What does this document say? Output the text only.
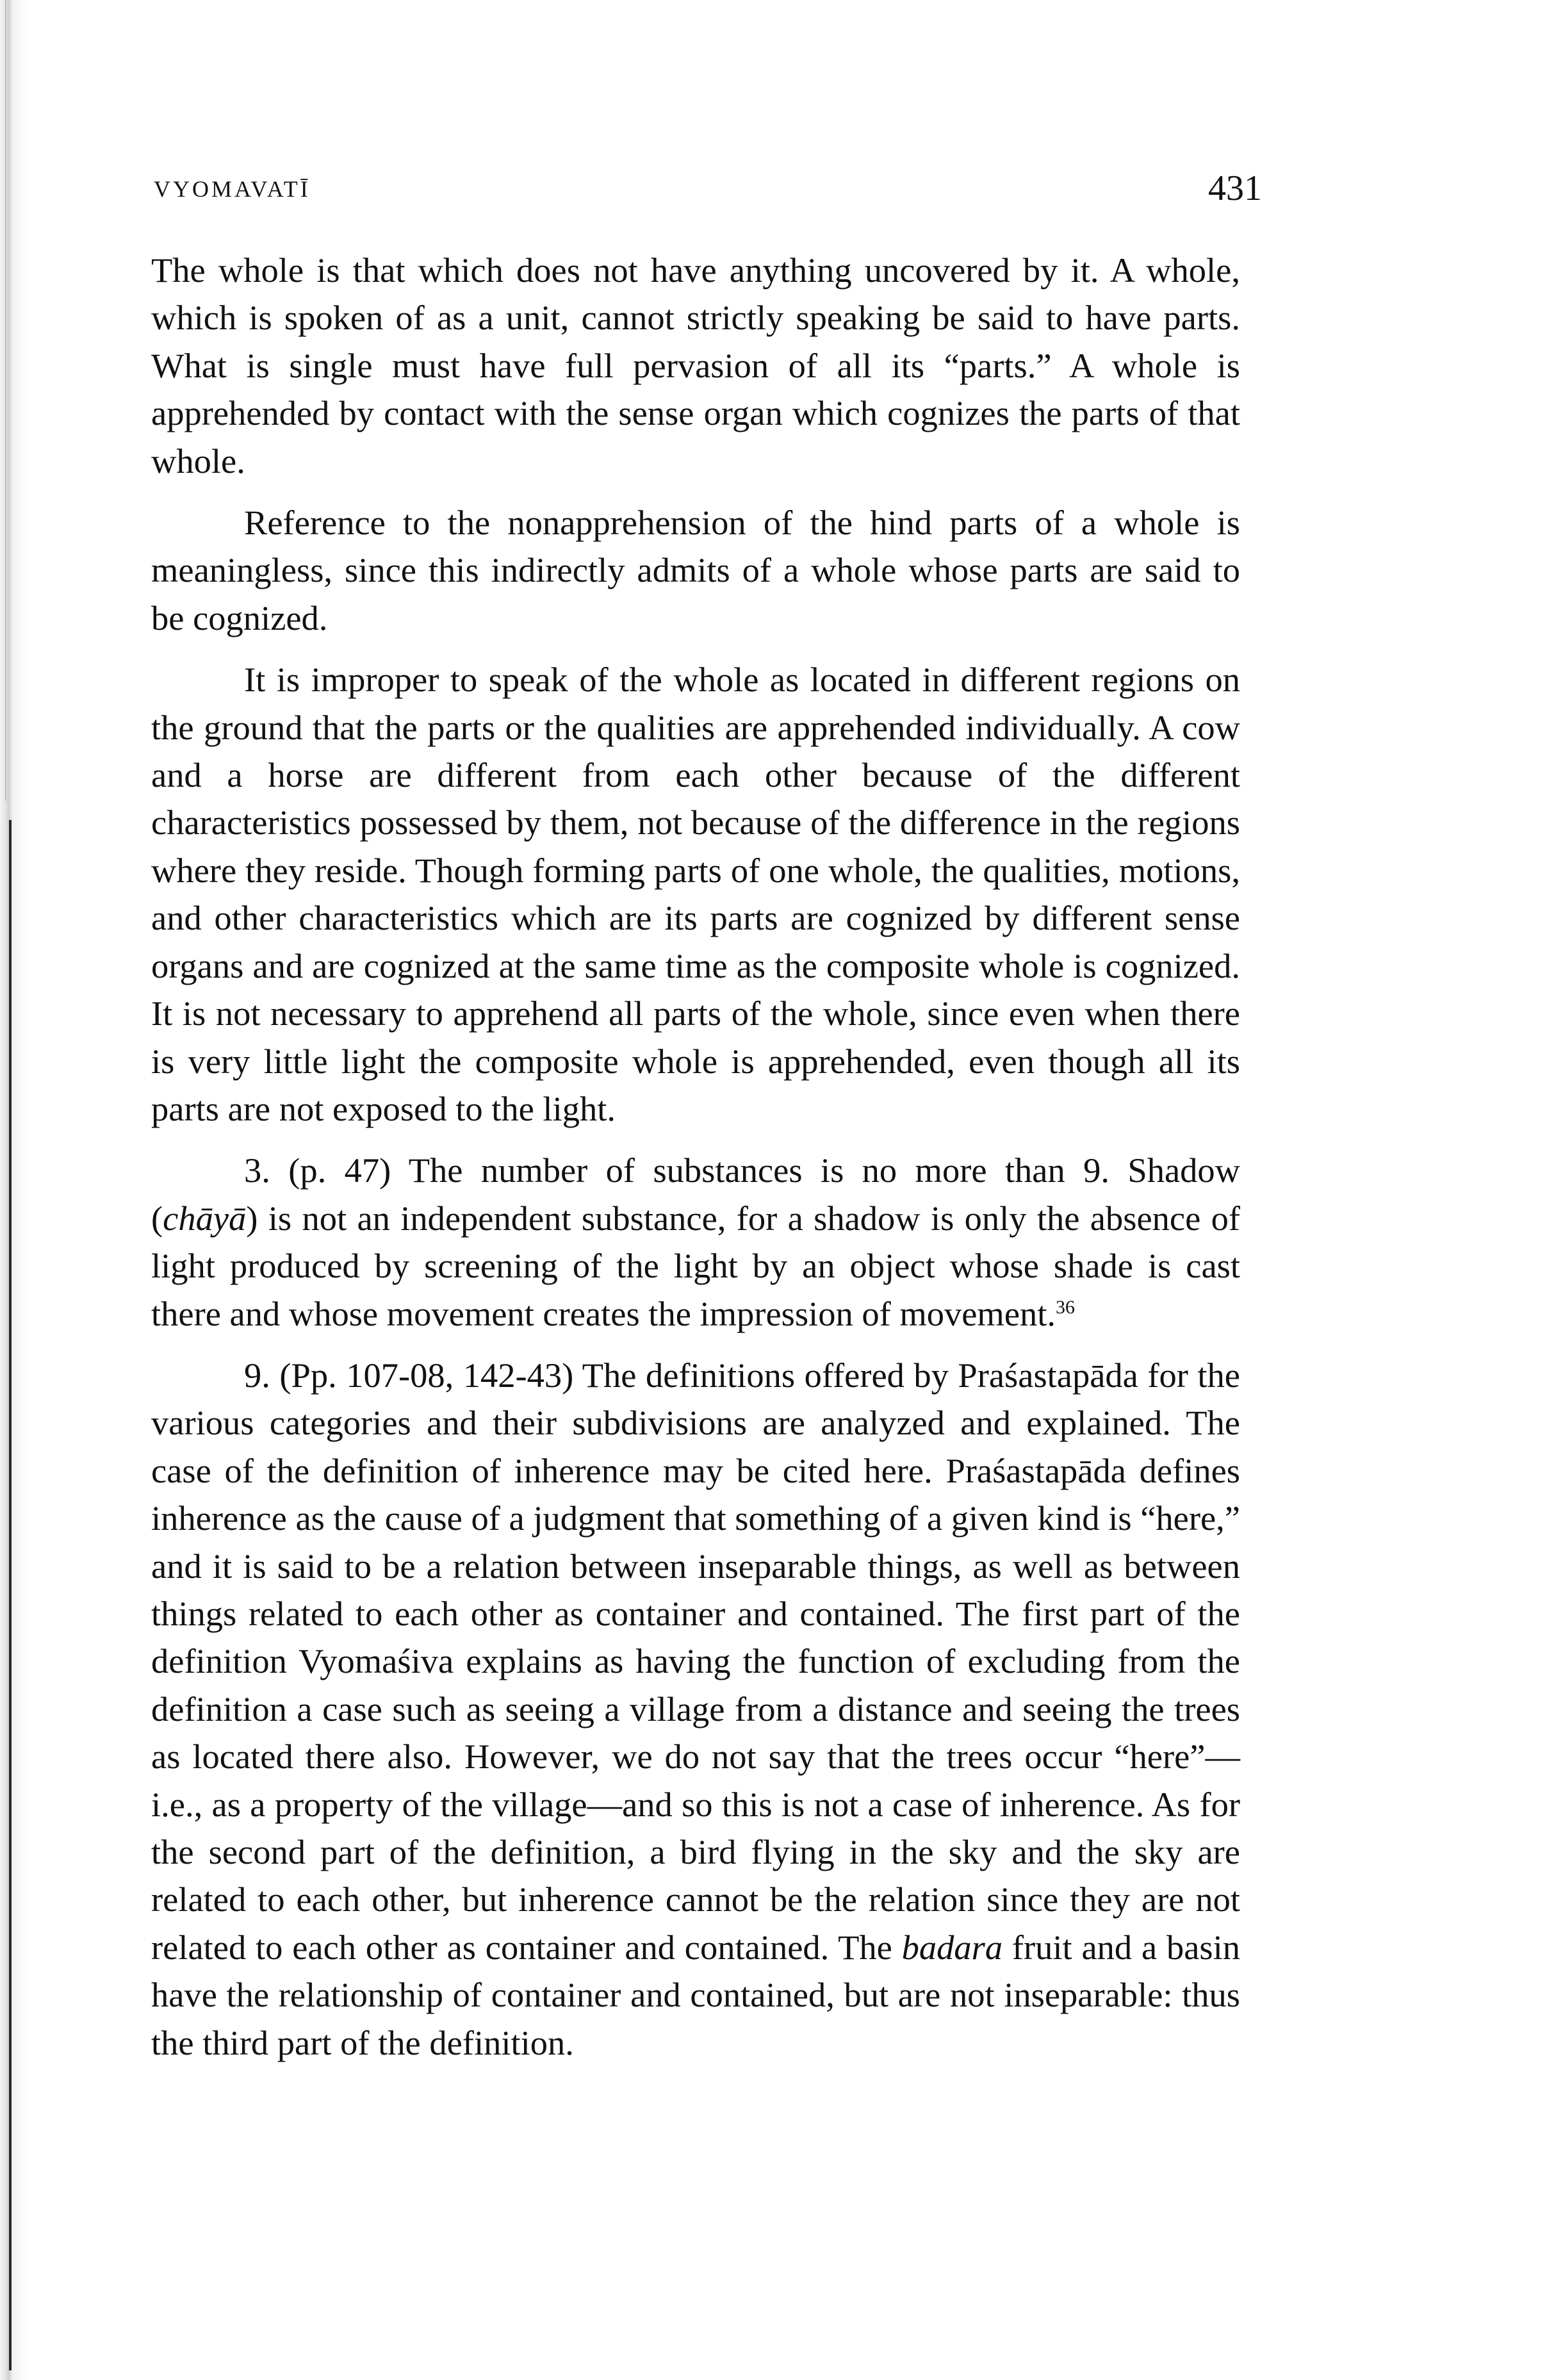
VYOMAVATĪ	431

The whole is that which does not have anything uncovered by it. A whole, which is spoken of as a unit, cannot strictly speaking be said to have parts. What is single must have full pervasion of all its “parts.” A whole is apprehended by contact with the sense organ which cognizes the parts of that whole.

Reference to the nonapprehension of the hind parts of a whole is meaningless, since this indirectly admits of a whole whose parts are said to be cognized.

It is improper to speak of the whole as located in different regions on the ground that the parts or the qualities are apprehended individually. A cow and a horse are different from each other because of the different characteristics possessed by them, not because of the difference in the regions where they reside. Though forming parts of one whole, the qualities, motions, and other characteristics which are its parts are cognized by different sense organs and are cognized at the same time as the composite whole is cognized. It is not necessary to apprehend all parts of the whole, since even when there is very little light the composite whole is apprehended, even though all its parts are not exposed to the light.

3. (p. 47) The number of substances is no more than 9. Shadow (chāyā) is not an independent substance, for a shadow is only the absence of light produced by screening of the light by an object whose shade is cast there and whose movement creates the impression of movement.$^{36}$

9. (Pp. 107-08, 142-43) The definitions offered by Praśastapāda for the various categories and their subdivisions are analyzed and explained. The case of the definition of inherence may be cited here. Praśastapāda defines inherence as the cause of a judgment that something of a given kind is “here,” and it is said to be a relation between inseparable things, as well as between things related to each other as container and contained. The first part of the definition Vyomaśiva explains as having the function of excluding from the definition a case such as seeing a village from a distance and seeing the trees as located there also. However, we do not say that the trees occur “here”—i.e., as a property of the village—and so this is not a case of inherence. As for the second part of the definition, a bird flying in the sky and the sky are related to each other, but inherence cannot be the relation since they are not related to each other as container and contained. The badara fruit and a basin have the relationship of container and contained, but are not inseparable: thus the third part of the definition.
